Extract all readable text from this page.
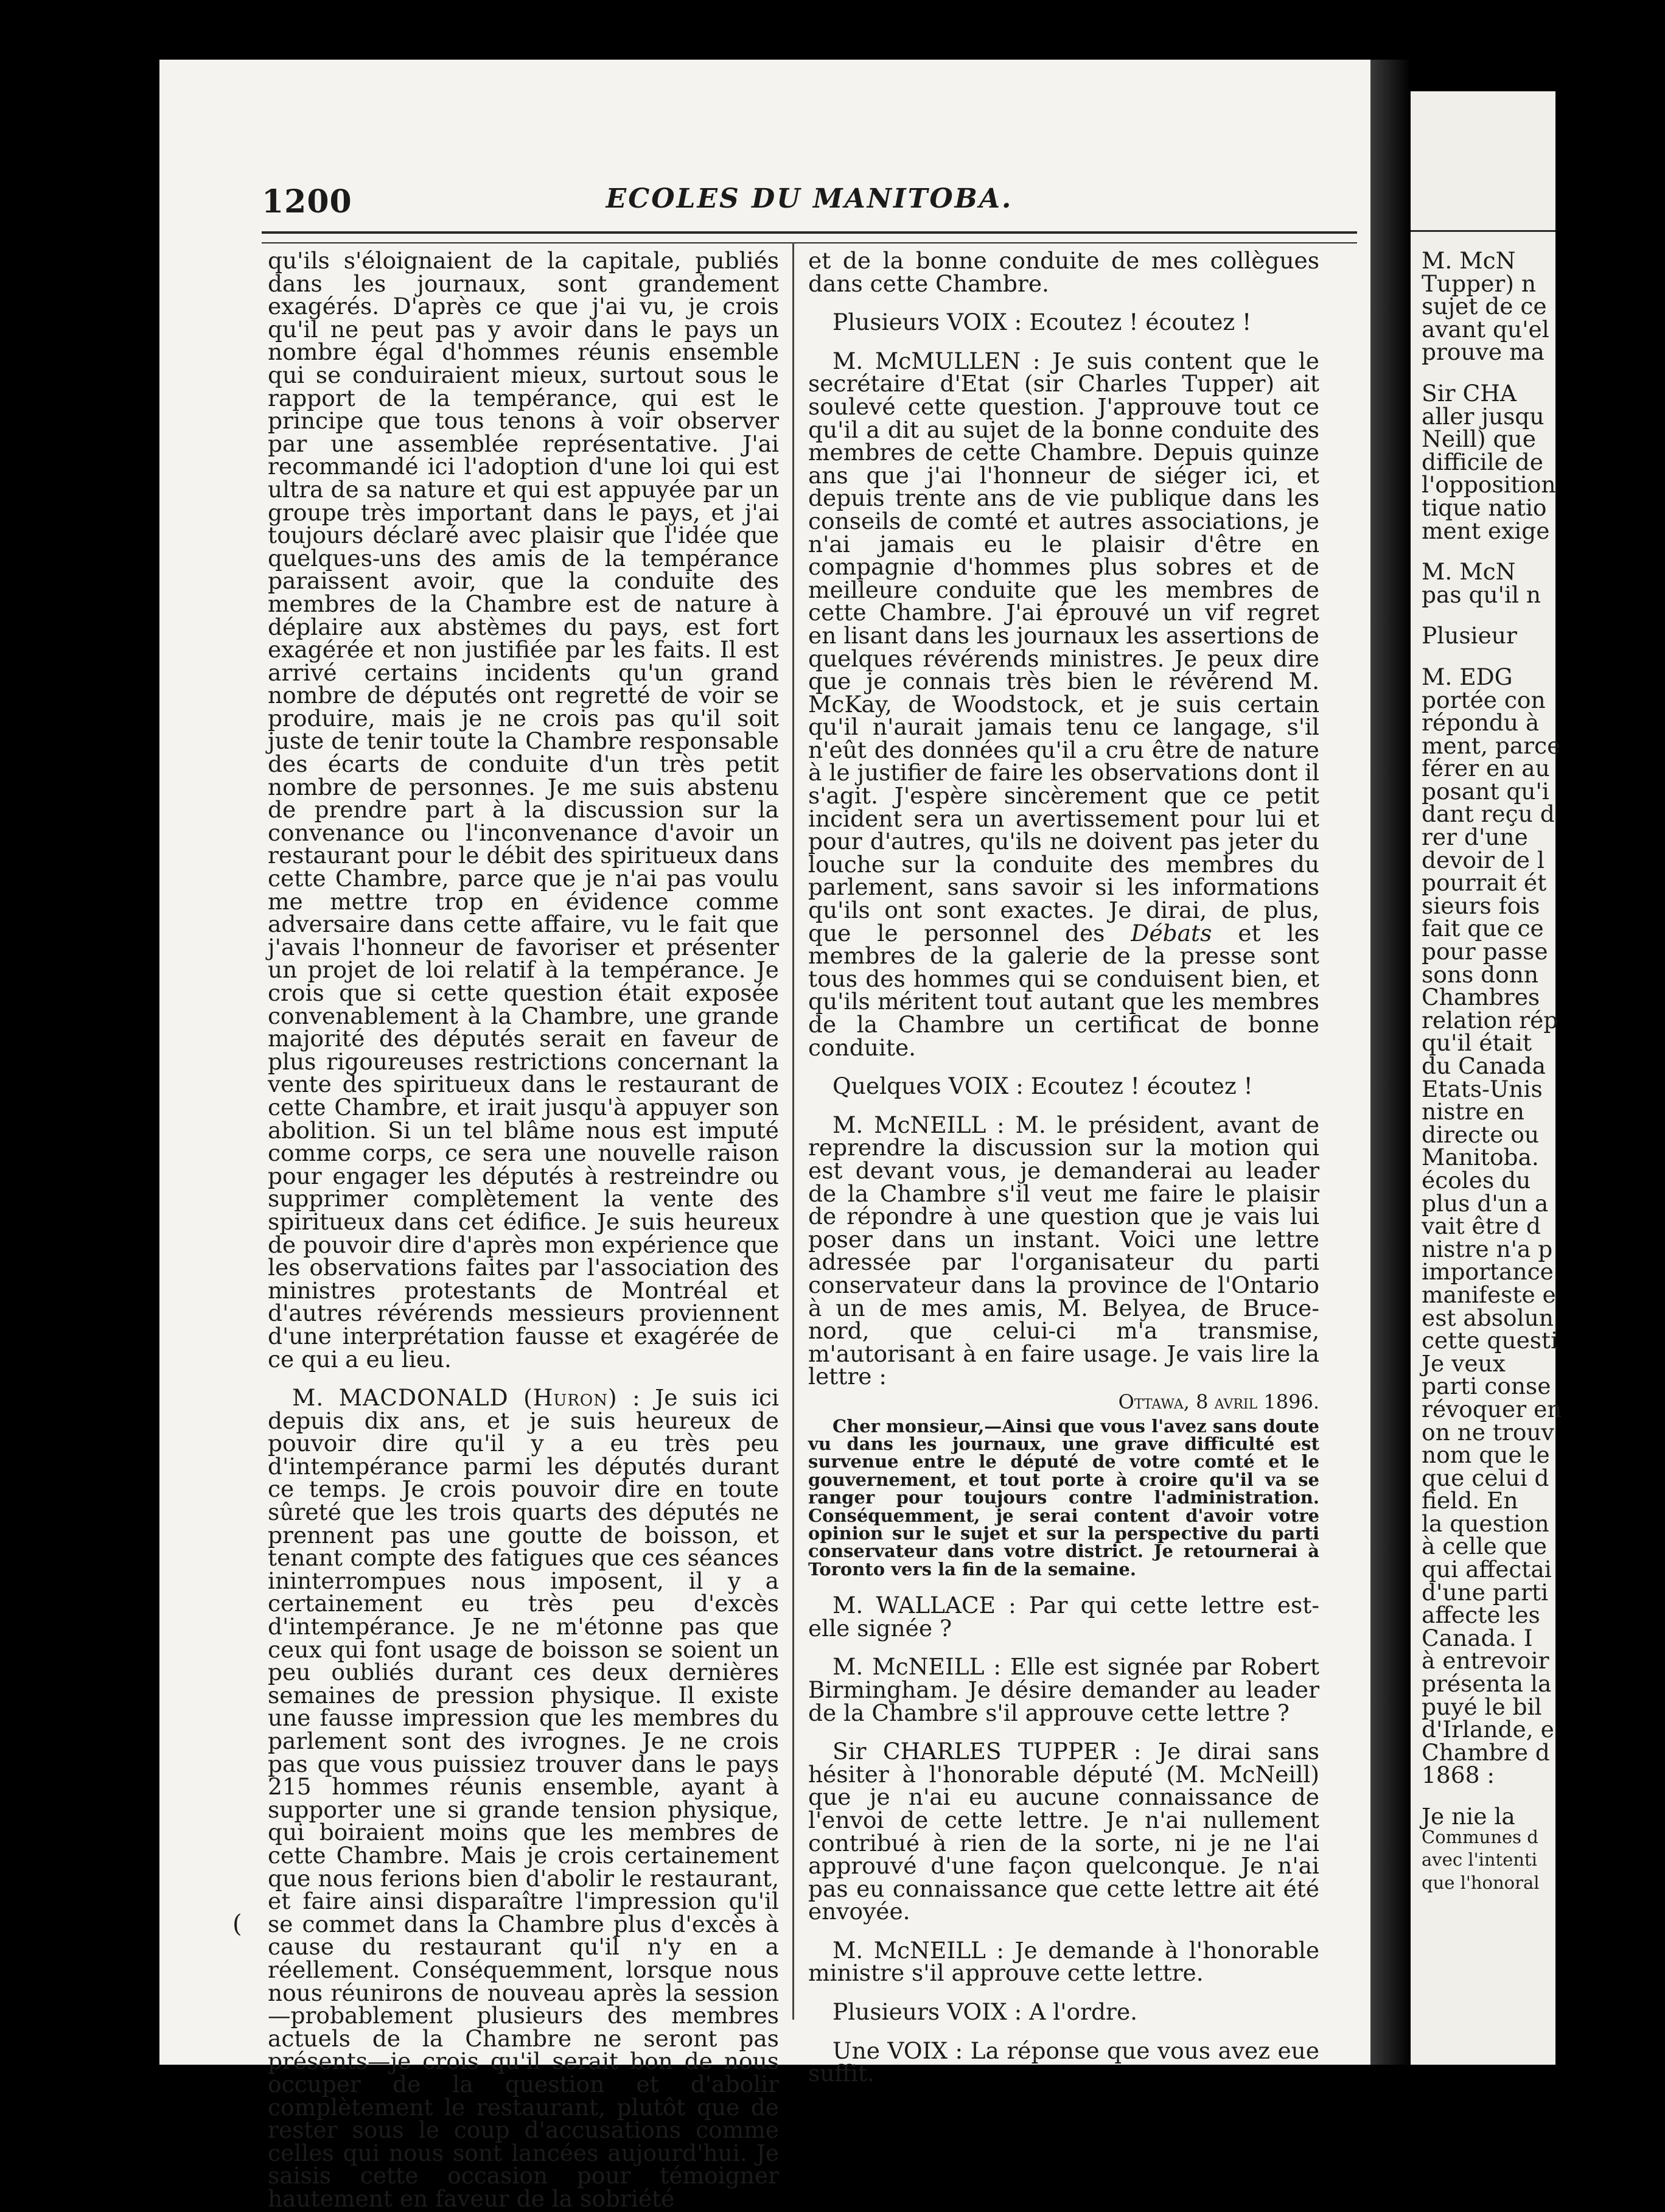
1200	ECOLES DU MANITOBA.

qu'ils s'éloignaient de la capitale, publiés dans les journaux, sont grandement exagérés. D'après ce que j'ai vu, je crois qu'il ne peut pas y avoir dans le pays un nombre égal d'hommes réunis ensemble qui se conduiraient mieux, surtout sous le rapport de la tempérance, qui est le principe que tous tenons à voir observer par une assemblée représentative. J'ai recommandé ici l'adoption d'une loi qui est ultra de sa nature et qui est appuyée par un groupe très important dans le pays, et j'ai toujours déclaré avec plaisir que l'idée que quelques-uns des amis de la tempérance paraissent avoir, que la conduite des membres de la Chambre est de nature à déplaire aux abstèmes du pays, est fort exagérée et non justifiée par les faits. Il est arrivé certains incidents qu'un grand nombre de députés ont regretté de voir se produire, mais je ne crois pas qu'il soit juste de tenir toute la Chambre responsable des écarts de conduite d'un très petit nombre de personnes. Je me suis abstenu de prendre part à la discussion sur la convenance ou l'inconvenance d'avoir un restaurant pour le débit des spiritueux dans cette Chambre, parce que je n'ai pas voulu me mettre trop en évidence comme adversaire dans cette affaire, vu le fait que j'avais l'honneur de favoriser et présenter un projet de loi relatif à la tempérance. Je crois que si cette question était exposée convenablement à la Chambre, une grande majorité des députés serait en faveur de plus rigoureuses restrictions concernant la vente des spiritueux dans le restaurant de cette Chambre, et irait jusqu'à appuyer son abolition. Si un tel blâme nous est imputé comme corps, ce sera une nouvelle raison pour engager les députés à restreindre ou supprimer complètement la vente des spiritueux dans cet édifice. Je suis heureux de pouvoir dire d'après mon expérience que les observations faites par l'association des ministres protestants de Montréal et d'autres révérends messieurs proviennent d'une interprétation fausse et exagérée de ce qui a eu lieu.

M. MACDONALD (Huron) : Je suis ici depuis dix ans, et je suis heureux de pouvoir dire qu'il y a eu très peu d'intempérance parmi les députés durant ce temps. Je crois pouvoir dire en toute sûreté que les trois quarts des députés ne prennent pas une goutte de boisson, et tenant compte des fatigues que ces séances ininterrompues nous imposent, il y a certainement eu très peu d'excès d'intempérance. Je ne m'étonne pas que ceux qui font usage de boisson se soient un peu oubliés durant ces deux dernières semaines de pression physique. Il existe une fausse impression que les membres du parlement sont des ivrognes. Je ne crois pas que vous puissiez trouver dans le pays 215 hommes réunis ensemble, ayant à supporter une si grande tension physique, qui boiraient moins que les membres de cette Chambre. Mais je crois certainement que nous ferions bien d'abolir le restaurant, et faire ainsi disparaître l'impression qu'il se commet dans la Chambre plus d'excès à cause du restaurant qu'il n'y en a réellement. Conséquemment, lorsque nous nous réunirons de nouveau après la session—probablement plusieurs des membres actuels de la Chambre ne seront pas présents—je crois qu'il serait bon de nous occuper de la question et d'abolir complètement le restaurant, plutôt que de rester sous le coup d'accusations comme celles qui nous sont lancées aujourd'hui. Je saisis cette occasion pour témoigner hautement en faveur de la sobriété

et de la bonne conduite de mes collègues dans cette Chambre.

Plusieurs VOIX : Ecoutez ! écoutez !

M. McMULLEN : Je suis content que le secrétaire d'Etat (sir Charles Tupper) ait soulevé cette question. J'approuve tout ce qu'il a dit au sujet de la bonne conduite des membres de cette Chambre. Depuis quinze ans que j'ai l'honneur de siéger ici, et depuis trente ans de vie publique dans les conseils de comté et autres associations, je n'ai jamais eu le plaisir d'être en compagnie d'hommes plus sobres et de meilleure conduite que les membres de cette Chambre. J'ai éprouvé un vif regret en lisant dans les journaux les assertions de quelques révérends ministres. Je peux dire que je connais très bien le révérend M. McKay, de Woodstock, et je suis certain qu'il n'aurait jamais tenu ce langage, s'il n'eût des données qu'il a cru être de nature à le justifier de faire les observations dont il s'agit. J'espère sincèrement que ce petit incident sera un avertissement pour lui et pour d'autres, qu'ils ne doivent pas jeter du louche sur la conduite des membres du parlement, sans savoir si les informations qu'ils ont sont exactes. Je dirai, de plus, que le personnel des Débats et les membres de la galerie de la presse sont tous des hommes qui se conduisent bien, et qu'ils méritent tout autant que les membres de la Chambre un certificat de bonne conduite.

Quelques VOIX : Ecoutez ! écoutez !

M. McNEILL : M. le président, avant de reprendre la discussion sur la motion qui est devant vous, je demanderai au leader de la Chambre s'il veut me faire le plaisir de répondre à une question que je vais lui poser dans un instant. Voici une lettre adressée par l'organisateur du parti conservateur dans la province de l'Ontario à un de mes amis, M. Belyea, de Bruce-nord, que celui-ci m'a transmise, m'autorisant à en faire usage. Je vais lire la lettre :

Ottawa, 8 avril 1896.

Cher monsieur,—Ainsi que vous l'avez sans doute vu dans les journaux, une grave difficulté est survenue entre le député de votre comté et le gouvernement, et tout porte à croire qu'il va se ranger pour toujours contre l'administration. Conséquemment, je serai content d'avoir votre opinion sur le sujet et sur la perspective du parti conservateur dans votre district. Je retournerai à Toronto vers la fin de la semaine.

M. WALLACE : Par qui cette lettre est-elle signée ?

M. McNEILL : Elle est signée par Robert Birmingham. Je désire demander au leader de la Chambre s'il approuve cette lettre ?

Sir CHARLES TUPPER : Je dirai sans hésiter à l'honorable député (M. McNeill) que je n'ai eu aucune connaissance de l'envoi de cette lettre. Je n'ai nullement contribué à rien de la sorte, ni je ne l'ai approuvé d'une façon quelconque. Je n'ai pas eu connaissance que cette lettre ait été envoyée.

M. McNEILL : Je demande à l'honorable ministre s'il approuve cette lettre.

Plusieurs VOIX : A l'ordre.

Une VOIX : La réponse que vous avez eue suffit.

(
M. McN
Tupper) n
sujet de ce
avant qu'el
prouve ma
Sir CHA
aller jusqu
Neill) que
difficile de
l'opposition
tique natio
ment exige
M. McN
pas qu'il n
Plusieur
M. EDG
portée con
répondu à
ment, parce
férer en au
posant qu'i
dant reçu d
rer d'une
devoir de l
pourrait ét
sieurs fois
fait que ce
pour passe
sons donn
Chambres
relation rép
qu'il était
du Canada
Etats-Unis
nistre en
directe ou
Manitoba.
écoles du
plus d'un a
vait être d
nistre n'a p
importance
manifeste e
est absolun
cette questi
Je veux
parti conse
révoquer en
on ne trouv
nom que le
que celui d
field. En
la question
à celle que
qui affectai
d'une parti
affecte les
Canada. I
à entrevoir
présenta la
puyé le bil
d'Irlande, e
Chambre d
1868 :
Je nie la
Communes d
avec l'intenti
que l'honoral
